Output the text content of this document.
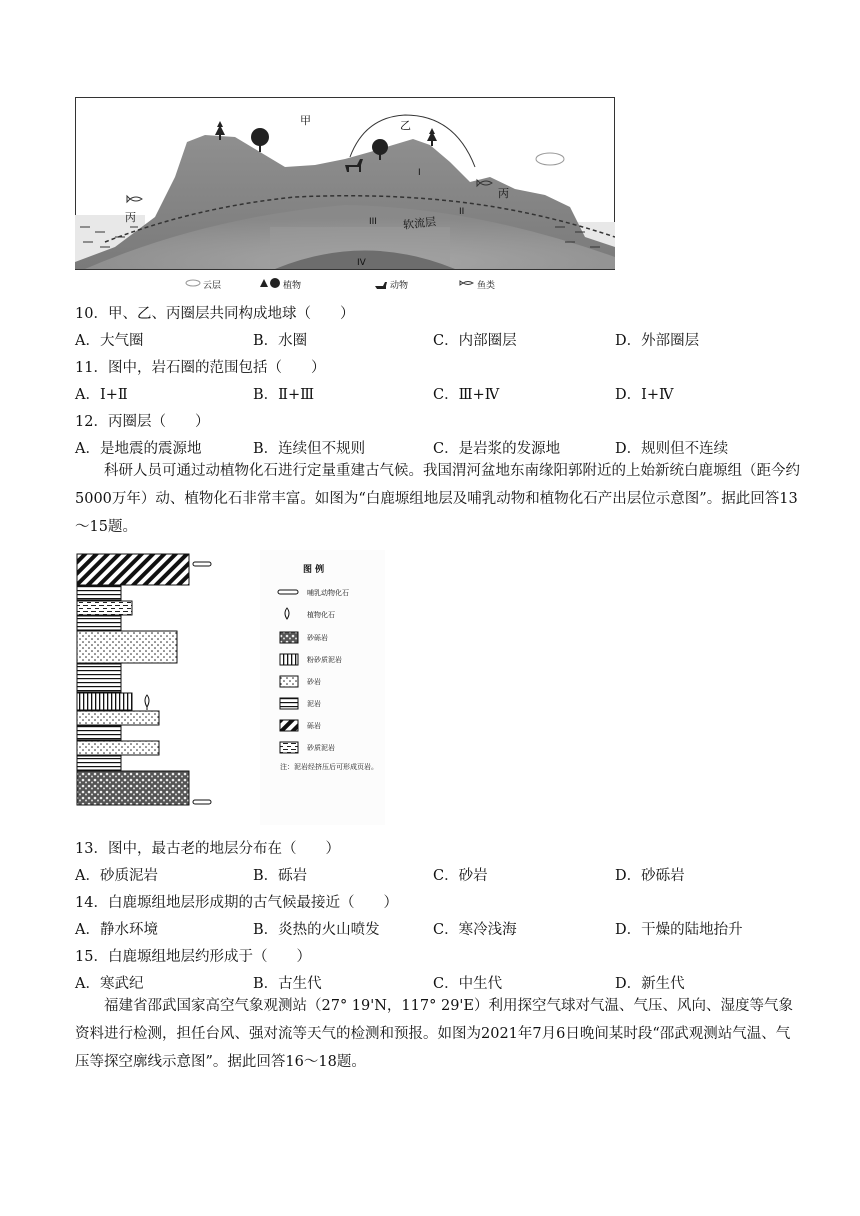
甲	乙
丙
丙
I
II
III
IV
软流层
云层	植物	动物	鱼类
10．甲、乙、丙圈层共同构成地球（　　）
A．大气圈	B．水圈	C．内部圈层	D．外部圈层
11．图中，岩石圈的范围包括（　　）
A．Ⅰ+Ⅱ	B．Ⅱ+Ⅲ	C．Ⅲ+Ⅳ	D．Ⅰ+Ⅳ
12．丙圈层（　　）
A．是地震的震源地	B．连续但不规则	C．是岩浆的发源地	D．规则但不连续
科研人员可通过动植物化石进行定量重建古气候。我国渭河盆地东南缘阳郭附近的上始新统白鹿塬组（距今约5000万年）动、植物化石非常丰富。如图为“白鹿塬组地层及哺乳动物和植物化石产出层位示意图”。据此回答13～15题。
图 例
哺乳动物化石
植物化石
砂砾岩
粉砂质泥岩
砂岩
泥岩
砾岩
砂质泥岩
注：泥岩经挤压后可形成页岩。
13．图中，最古老的地层分布在（　　）
A．砂质泥岩	B．砾岩	C．砂岩	D．砂砾岩
14．白鹿塬组地层形成期的古气候最接近（　　）
A．静水环境	B．炎热的火山喷发	C．寒冷浅海	D．干燥的陆地抬升
15．白鹿塬组地层约形成于（　　）
A．寒武纪	B．古生代	C．中生代	D．新生代
福建省邵武国家高空气象观测站（27° 19'N，117° 29'E）利用探空气球对气温、气压、风向、湿度等气象资料进行检测，担任台风、强对流等天气的检测和预报。如图为2021年7月6日晚间某时段“邵武观测站气温、气压等探空廓线示意图”。据此回答16～18题。
